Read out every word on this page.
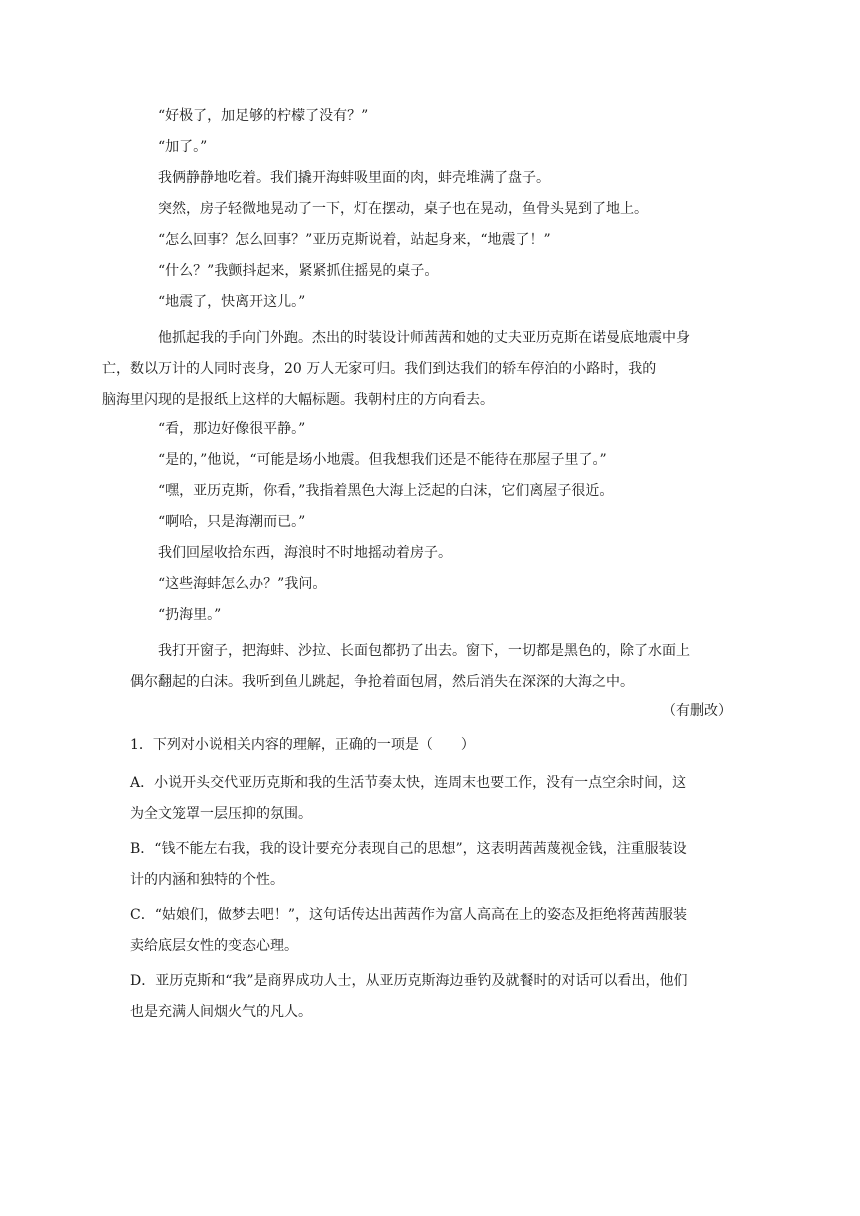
“好极了，加足够的柠檬了没有？”

“加了。”

我俩静静地吃着。我们撬开海蚌吸里面的肉，蚌壳堆满了盘子。

突然，房子轻微地晃动了一下，灯在摆动，桌子也在晃动，鱼骨头晃到了地上。

“怎么回事？怎么回事？”亚历克斯说着，站起身来，“地震了！”

“什么？”我颤抖起来，紧紧抓住摇晃的桌子。

“地震了，快离开这儿。”

他抓起我的手向门外跑。杰出的时装设计师茜茜和她的丈夫亚历克斯在诺曼底地震中身
亡，数以万计的人同时丧身，20 万人无家可归。我们到达我们的轿车停泊的小路时，我的
脑海里闪现的是报纸上这样的大幅标题。我朝村庄的方向看去。

“看，那边好像很平静。”

“是的，”他说，“可能是场小地震。但我想我们还是不能待在那屋子里了。”

“嘿，亚历克斯，你看，”我指着黑色大海上泛起的白沫，它们离屋子很近。

“啊哈，只是海潮而已。”

我们回屋收拾东西，海浪时不时地摇动着房子。

“这些海蚌怎么办？”我问。

“扔海里。”

我打开窗子，把海蚌、沙拉、长面包都扔了出去。窗下，一切都是黑色的，除了水面上
偶尔翻起的白沫。我听到鱼儿跳起，争抢着面包屑，然后消失在深深的大海之中。

（有删改）

1．下列对小说相关内容的理解，正确的一项是（　　）

A．小说开头交代亚历克斯和我的生活节奏太快，连周末也要工作，没有一点空余时间，这
为全文笼罩一层压抑的氛围。

B．“钱不能左右我，我的设计要充分表现自己的思想”，这表明茜茜蔑视金钱，注重服装设
计的内涵和独特的个性。

C．“姑娘们，做梦去吧！”，这句话传达出茜茜作为富人高高在上的姿态及拒绝将茜茜服装
卖给底层女性的变态心理。

D．亚历克斯和“我”是商界成功人士，从亚历克斯海边垂钓及就餐时的对话可以看出，他们
也是充满人间烟火气的凡人。
